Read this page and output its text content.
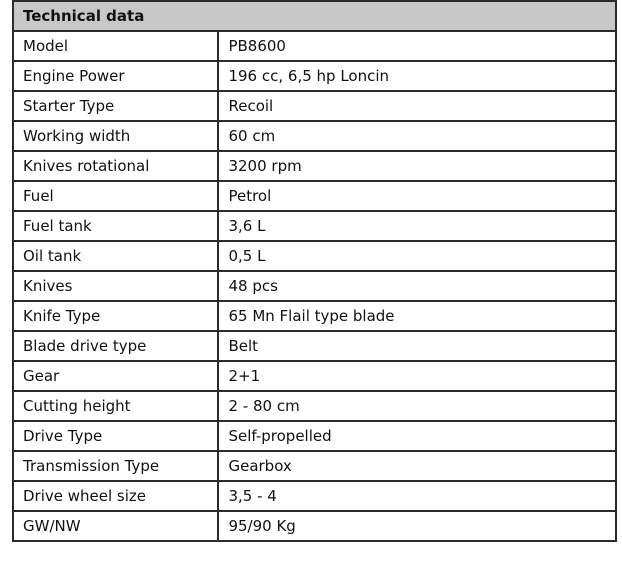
Technical data	
Model	PB8600
Engine Power	196 cc, 6,5 hp Loncin
Starter Type	Recoil
Working width	60 cm
Knives rotational	3200 rpm
Fuel	Petrol
Fuel tank	3,6 L
Oil tank	0,5 L
Knives	48 pcs
Knife Type	65 Mn Flail type blade
Blade drive type	Belt
Gear	2+1
Cutting height	2 - 80 cm
Drive Type	Self-propelled
Transmission Type	Gearbox
Drive wheel size	3,5 - 4
GW/NW	95/90 Kg
